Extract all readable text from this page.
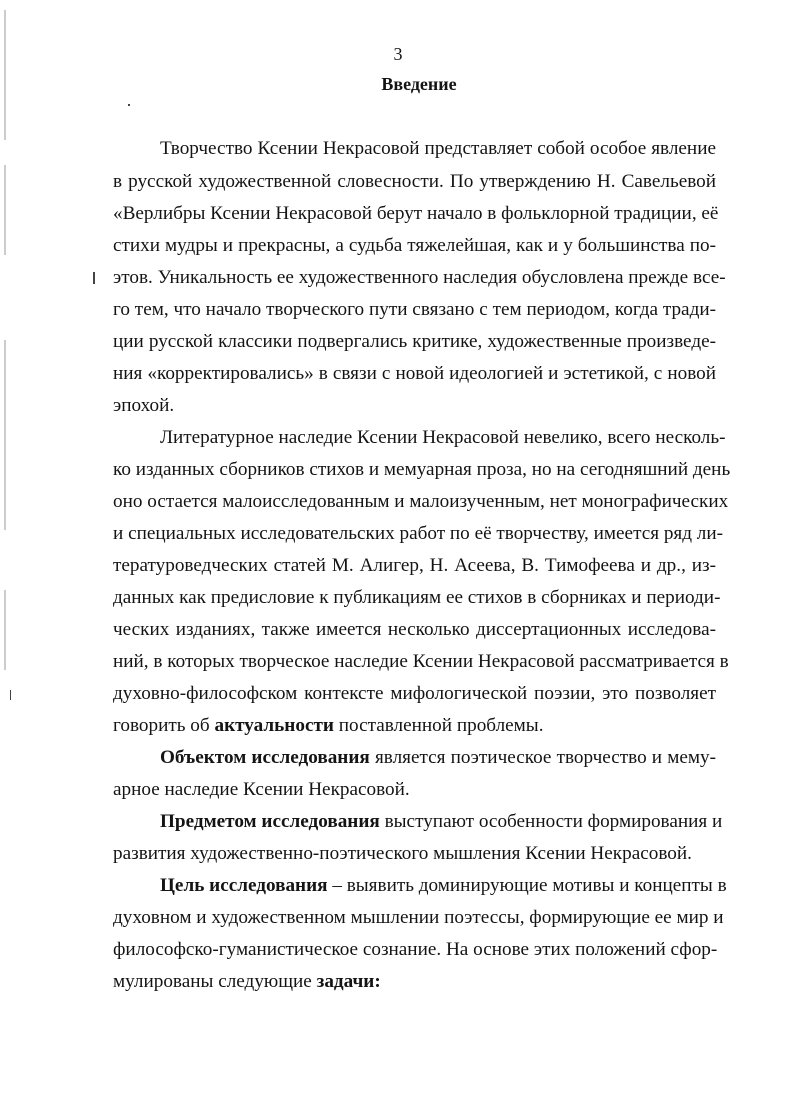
3
Введение
Творчество Ксении Некрасовой представляет собой особое явление
в русской художественной словесности. По утверждению Н. Савельевой
«Верлибры Ксении Некрасовой берут начало в фольклорной традиции, её
стихи мудры и прекрасны, а судьба тяжелейшая, как и у большинства по-
этов. Уникальность ее художественного наследия обусловлена прежде все-
го тем, что начало творческого пути связано с тем периодом, когда тради-
ции русской классики подвергались критике, художественные произведе-
ния «корректировались» в связи с новой идеологией и эстетикой, с новой
эпохой.
Литературное наследие Ксении Некрасовой невелико, всего несколь-
ко изданных сборников стихов и мемуарная проза, но на сегодняшний день
оно остается малоисследованным и малоизученным, нет монографических
и специальных исследовательских работ по её творчеству, имеется ряд ли-
тературоведческих статей М. Алигер, Н. Асеева, В. Тимофеева и др., из-
данных как предисловие к публикациям ее стихов в сборниках и периоди-
ческих изданиях, также имеется несколько диссертационных исследова-
ний, в которых творческое наследие Ксении Некрасовой рассматривается в
духовно-философском контексте мифологической поэзии, это позволяет
говорить об актуальности поставленной проблемы.
Объектом исследования является поэтическое творчество и мему-
арное наследие Ксении Некрасовой.
Предметом исследования выступают особенности формирования и
развития художественно-поэтического мышления Ксении Некрасовой.
Цель исследования – выявить доминирующие мотивы и концепты в
духовном и художественном мышлении поэтессы, формирующие ее мир и
философско-гуманистическое сознание. На основе этих положений сфор-
мулированы следующие задачи:
